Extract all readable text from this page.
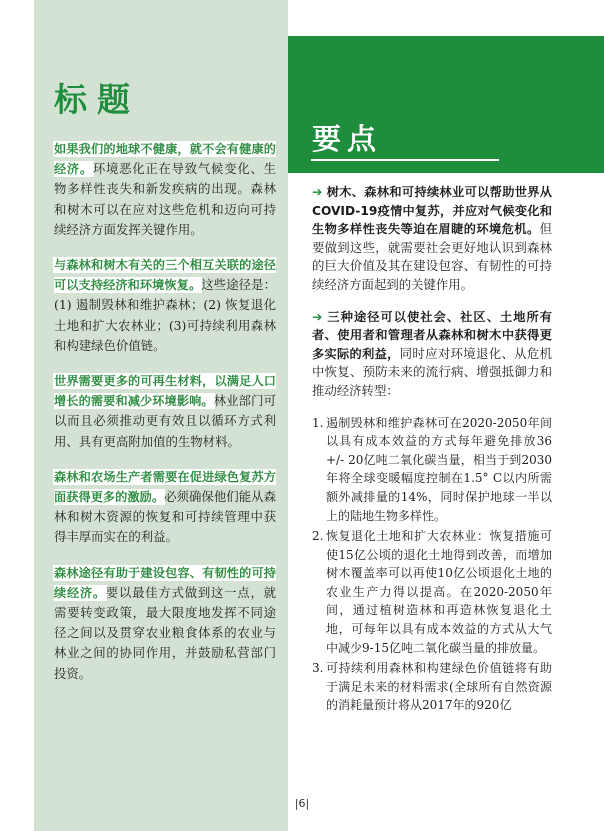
标题

如果我们的地球不健康，就不会有健康的经济。环境恶化正在导致气候变化、生物多样性丧失和新发疾病的出现。森林和树木可以在应对这些危机和迈向可持续经济方面发挥关键作用。

与森林和树木有关的三个相互关联的途径可以支持经济和环境恢复。这些途径是：(1) 遏制毁林和维护森林；(2) 恢复退化土地和扩大农林业；(3)可持续利用森林和构建绿色价值链。

世界需要更多的可再生材料，以满足人口增长的需要和减少环境影响。林业部门可以而且必须推动更有效且以循环方式利用、具有更高附加值的生物材料。

森林和农场生产者需要在促进绿色复苏方面获得更多的激励。必须确保他们能从森林和树木资源的恢复和可持续管理中获得丰厚而实在的利益。

森林途径有助于建设包容、有韧性的可持续经济。要以最佳方式做到这一点，就需要转变政策，最大限度地发挥不同途径之间以及贯穿农业粮食体系的农业与林业之间的协同作用，并鼓励私营部门投资。

要点

➔ 树木、森林和可持续林业可以帮助世界从COVID-19疫情中复苏，并应对气候变化和生物多样性丧失等迫在眉睫的环境危机。但要做到这些，就需要社会更好地认识到森林的巨大价值及其在建设包容、有韧性的可持续经济方面起到的关键作用。

➔ 三种途径可以使社会、社区、土地所有者、使用者和管理者从森林和树木中获得更多实际的利益，同时应对环境退化、从危机中恢复、预防未来的流行病、增强抵御力和推动经济转型：

1. 遏制毁林和维护森林可在2020-2050年间以具有成本效益的方式每年避免排放36 +/- 20亿吨二氧化碳当量，相当于到2030年将全球变暖幅度控制在1.5° C以内所需额外减排量的14%，同时保护地球一半以上的陆地生物多样性。
2. 恢复退化土地和扩大农林业：恢复措施可使15亿公顷的退化土地得到改善，而增加树木覆盖率可以再使10亿公顷退化土地的农业生产力得以提高。在2020-2050年间，通过植树造林和再造林恢复退化土地，可每年以具有成本效益的方式从大气中减少9-15亿吨二氧化碳当量的排放量。
3. 可持续利用森林和构建绿色价值链将有助于满足未来的材料需求(全球所有自然资源的消耗量预计将从2017年的920亿
|6|
